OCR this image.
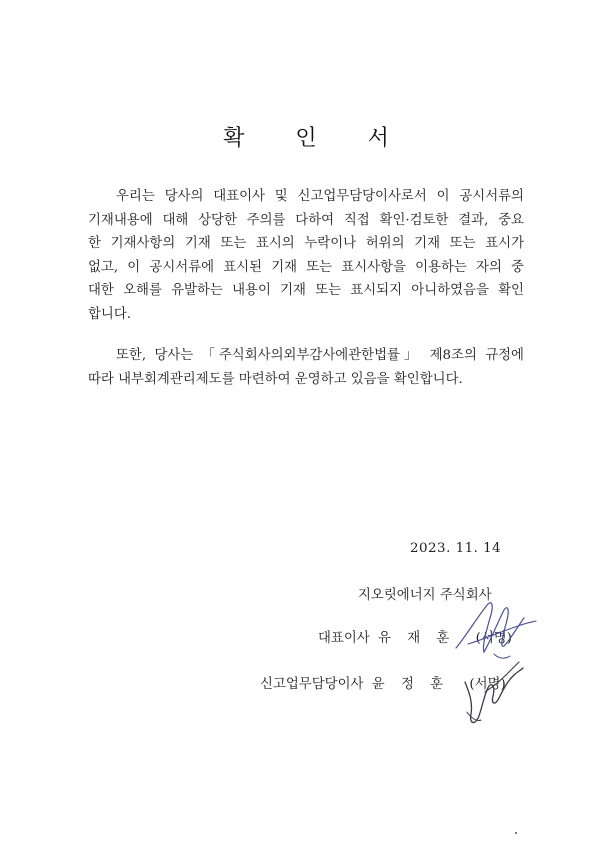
확 인 서
우리는 당사의 대표이사 및 신고업무담당이사로서 이 공시서류의
기재내용에 대해 상당한 주의를 다하여 직접 확인·검토한 결과, 중요
한 기재사항의 기재 또는 표시의 누락이나 허위의 기재 또는 표시가
없고, 이 공시서류에 표시된 기재 또는 표시사항을 이용하는 자의 중
대한 오해를 유발하는 내용이 기재 또는 표시되지 아니하였음을 확인
합니다.
또한, 당사는 「주식회사의외부감사에관한법률」 제8조의 규정에
따라 내부회계관리제도를 마련하여 운영하고 있음을 확인합니다.
2023. 11. 14
지오릿에너지 주식회사
대표이사 유 재 훈 (서명)
신고업무담당이사 윤 정 훈 (서명)
